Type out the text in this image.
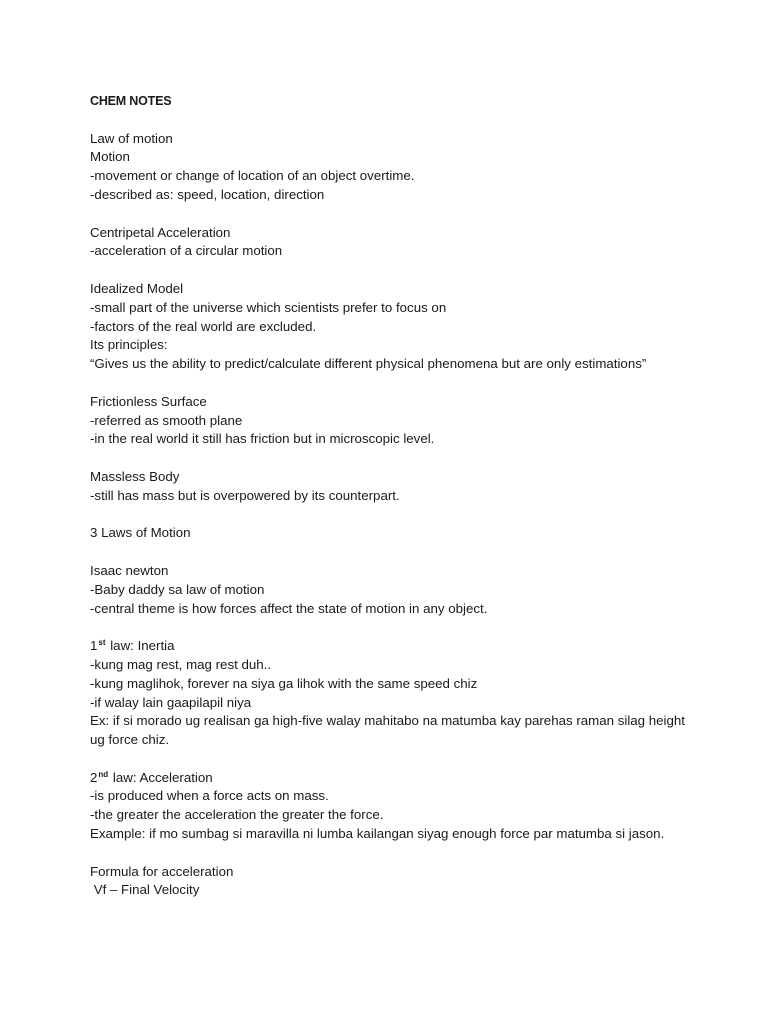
CHEM NOTES
Law of motion
Motion
-movement or change of location of an object overtime.
-described as: speed, location, direction
Centripetal Acceleration
-acceleration of a circular motion
Idealized Model
-small part of the universe which scientists prefer to focus on
-factors of the real world are excluded.
Its principles:
“Gives us the ability to predict/calculate different physical phenomena but are only estimations”
Frictionless Surface
-referred as smooth plane
-in the real world it still has friction but in microscopic level.
Massless Body
-still has mass but is overpowered by its counterpart.
3 Laws of Motion
Isaac newton
-Baby daddy sa law of motion
-central theme is how forces affect the state of motion in any object.
1st law: Inertia
-kung mag rest, mag rest duh..
-kung maglihok, forever na siya ga lihok with the same speed chiz
-if walay lain gaapilapil niya
Ex: if si morado ug realisan ga high-five walay mahitabo na matumba kay parehas raman silag height ug force chiz.
2nd law: Acceleration
-is produced when a force acts on mass.
-the greater the acceleration the greater the force.
Example: if mo sumbag si maravilla ni lumba kailangan siyag enough force par matumba si jason.
Formula for acceleration
Vf – Final Velocity
